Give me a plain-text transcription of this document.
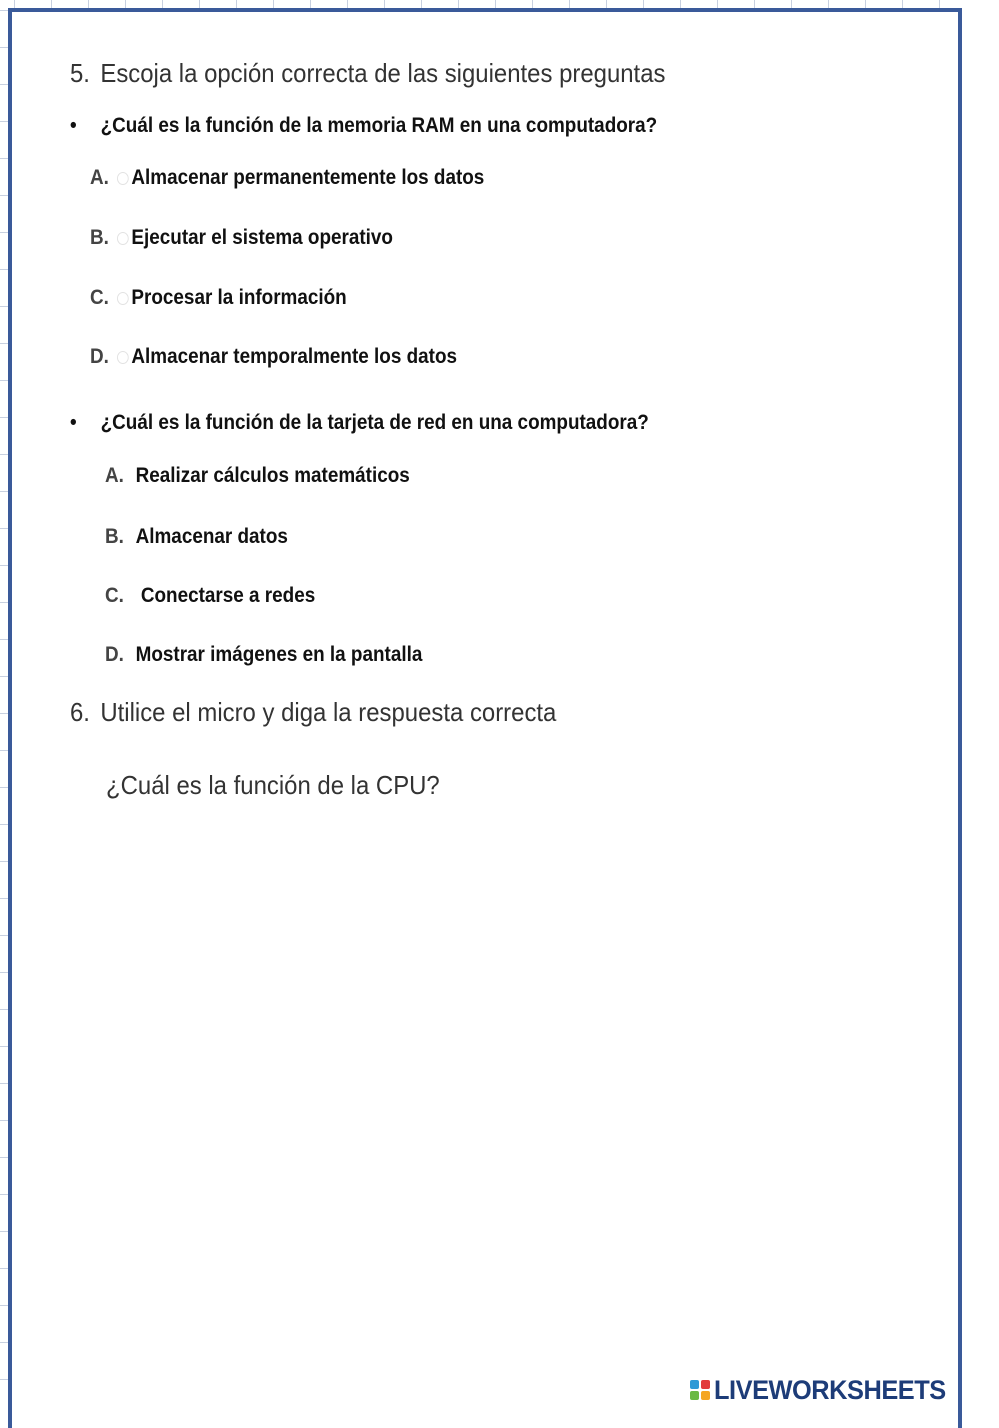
5. Escoja la opción correcta de las siguientes preguntas
• ¿Cuál es la función de la memoria RAM en una computadora?
A. Almacenar permanentemente los datos
B. Ejecutar el sistema operativo
C. Procesar la información
D. Almacenar temporalmente los datos
• ¿Cuál es la función de la tarjeta de red en una computadora?
A. Realizar cálculos matemáticos
B. Almacenar datos
C. Conectarse a redes
D. Mostrar imágenes en la pantalla
6. Utilice el micro y diga la respuesta correcta
¿Cuál es la función de la CPU?
LIVEWORKSHEETS
